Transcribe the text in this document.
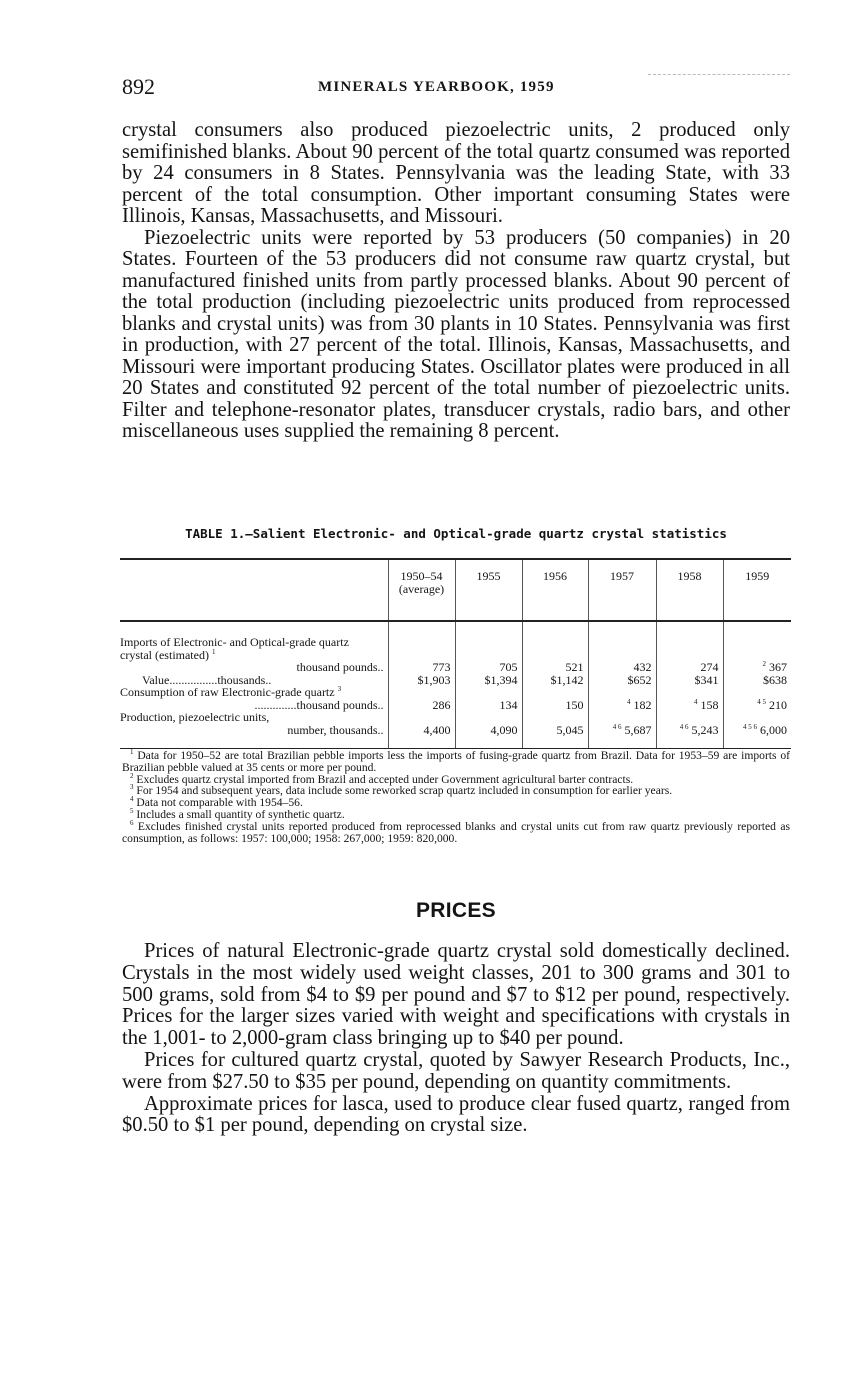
892	MINERALS YEARBOOK, 1959

crystal consumers also produced piezoelectric units, 2 produced only semifinished blanks. About 90 percent of the total quartz consumed was reported by 24 consumers in 8 States. Pennsylvania was the leading State, with 33 percent of the total consumption. Other important consuming States were Illinois, Kansas, Massachusetts, and Missouri.

Piezoelectric units were reported by 53 producers (50 companies) in 20 States. Fourteen of the 53 producers did not consume raw quartz crystal, but manufactured finished units from partly processed blanks. About 90 percent of the total production (including piezoelectric units produced from reprocessed blanks and crystal units) was from 30 plants in 10 States. Pennsylvania was first in production, with 27 percent of the total. Illinois, Kansas, Massachusetts, and Missouri were important producing States. Oscillator plates were produced in all 20 States and constituted 92 percent of the total number of piezoelectric units. Filter and telephone-resonator plates, transducer crystals, radio bars, and other miscellaneous uses supplied the remaining 8 percent.

TABLE 1.—Salient Electronic- and Optical-grade quartz crystal statistics
	1950–54 (average)	1955	1956	1957	1958	1959

Imports of Electronic- and Optical-grade quartz crystal (estimated) $^1$
thousand pounds..	773	705	521	432	274	$^2$ 367

Value................thousands..	$1,903	$1,394	$1,142	$652	$341	$638

Consumption of raw Electronic-grade quartz $^3$
..............thousand pounds..	286	134	150	$^4$ 182	$^4$ 158	$^{4 5}$ 210

Production, piezoelectric units,
number, thousands..	4,400	4,090	5,045	$^{4 6}$ 5,687	$^{4 6}$ 5,243	$^{4 5 6}$ 6,000

$^1$ Data for 1950–52 are total Brazilian pebble imports less the imports of fusing-grade quartz from Brazil. Data for 1953–59 are imports of Brazilian pebble valued at 35 cents or more per pound.

$^2$ Excludes quartz crystal imported from Brazil and accepted under Government agricultural barter contracts.

$^3$ For 1954 and subsequent years, data include some reworked scrap quartz included in consumption for earlier years.

$^4$ Data not comparable with 1954–56.

$^5$ Includes a small quantity of synthetic quartz.

$^6$ Excludes finished crystal units reported produced from reprocessed blanks and crystal units cut from raw quartz previously reported as consumption, as follows: 1957: 100,000; 1958: 267,000; 1959: 820,000.

PRICES

Prices of natural Electronic-grade quartz crystal sold domestically declined. Crystals in the most widely used weight classes, 201 to 300 grams and 301 to 500 grams, sold from $4 to $9 per pound and $7 to $12 per pound, respectively. Prices for the larger sizes varied with weight and specifications with crystals in the 1,001- to 2,000-gram class bringing up to $40 per pound.

Prices for cultured quartz crystal, quoted by Sawyer Research Products, Inc., were from $27.50 to $35 per pound, depending on quantity commitments.

Approximate prices for lasca, used to produce clear fused quartz, ranged from $0.50 to $1 per pound, depending on crystal size.
